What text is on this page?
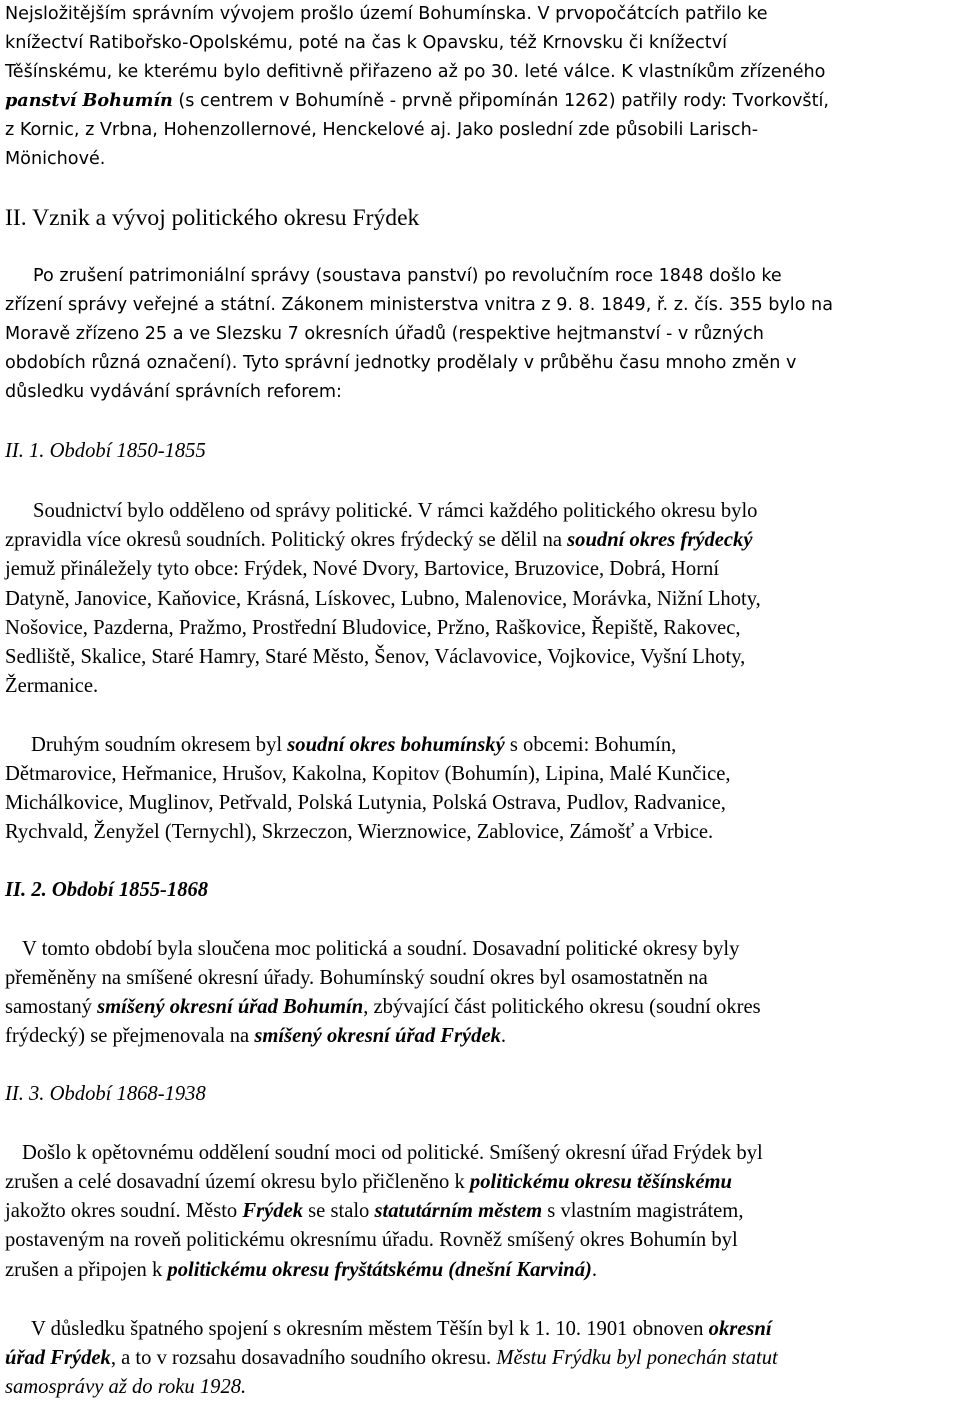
Nejsložitějším správním vývojem prošlo území Bohumínska. V prvopočátcích patřilo ke

knížectví Ratibořsko-Opolskému, poté na čas k Opavsku, též Krnovsku či knížectví

Těšínskému, ke kterému bylo defitivně přiřazeno až po 30. leté válce. K vlastníkům zřízeného

panství Bohumín (s centrem v Bohumíně - prvně připomínán 1262) patřily rody: Tvorkovští,

z Kornic, z Vrbna, Hohenzollernové, Henckelové aj. Jako poslední zde působili Larisch-

Mönichové.

II. Vznik a vývoj politického okresu Frýdek

Po zrušení patrimoniální správy (soustava panství) po revolučním roce 1848 došlo ke

zřízení správy veřejné a státní. Zákonem ministerstva vnitra z 9. 8. 1849, ř. z. čís. 355 bylo na

Moravě zřízeno 25 a ve Slezsku 7 okresních úřadů (respektive hejtmanství - v různých

obdobích různá označení). Tyto správní jednotky prodělaly v průběhu času mnoho změn v

důsledku vydávání správních reforem:

II. 1. Období 1850-1855

Soudnictví bylo odděleno od správy politické. V rámci každého politického okresu bylo

zpravidla více okresů soudních. Politický okres frýdecký se dělil na soudní okres frýdecký

jemuž přináležely tyto obce: Frýdek, Nové Dvory, Bartovice, Bruzovice, Dobrá, Horní

Datyně, Janovice, Kaňovice, Krásná, Lískovec, Lubno, Malenovice, Morávka, Nižní Lhoty,

Nošovice, Pazderna, Pražmo, Prostřední Bludovice, Pržno, Raškovice, Řepiště, Rakovec,

Sedliště, Skalice, Staré Hamry, Staré Město, Šenov, Václavovice, Vojkovice, Vyšní Lhoty,

Žermanice.

Druhým soudním okresem byl soudní okres bohumínský s obcemi: Bohumín,

Dětmarovice, Heřmanice, Hrušov, Kakolna, Kopitov (Bohumín), Lipina, Malé Kunčice,

Michálkovice, Muglinov, Petřvald, Polská Lutynia, Polská Ostrava, Pudlov, Radvanice,

Rychvald, Ženyžel (Ternychl), Skrzeczon, Wierznowice, Zablovice, Zámošť a Vrbice.

II. 2. Období 1855-1868

V tomto období byla sloučena moc politická a soudní. Dosavadní politické okresy byly

přeměněny na smíšené okresní úřady. Bohumínský soudní okres byl osamostatněn na

samostaný smíšený okresní úřad Bohumín, zbývající část politického okresu (soudní okres

frýdecký) se přejmenovala na smíšený okresní úřad Frýdek.

II. 3. Období 1868-1938

Došlo k opětovnému oddělení soudní moci od politické. Smíšený okresní úřad Frýdek byl

zrušen a celé dosavadní území okresu bylo přičleněno k politickému okresu těšínskému

jakožto okres soudní. Město Frýdek se stalo statutárním městem s vlastním magistrátem,

postaveným na roveň politickému okresnímu úřadu. Rovněž smíšený okres Bohumín byl

zrušen a připojen k politickému okresu fryštátskému (dnešní Karviná).

V důsledku špatného spojení s okresním městem Těšín byl k 1. 10. 1901 obnoven okresní

úřad Frýdek, a to v rozsahu dosavadního soudního okresu. Městu Frýdku byl ponechán statut

samosprávy až do roku 1928.
